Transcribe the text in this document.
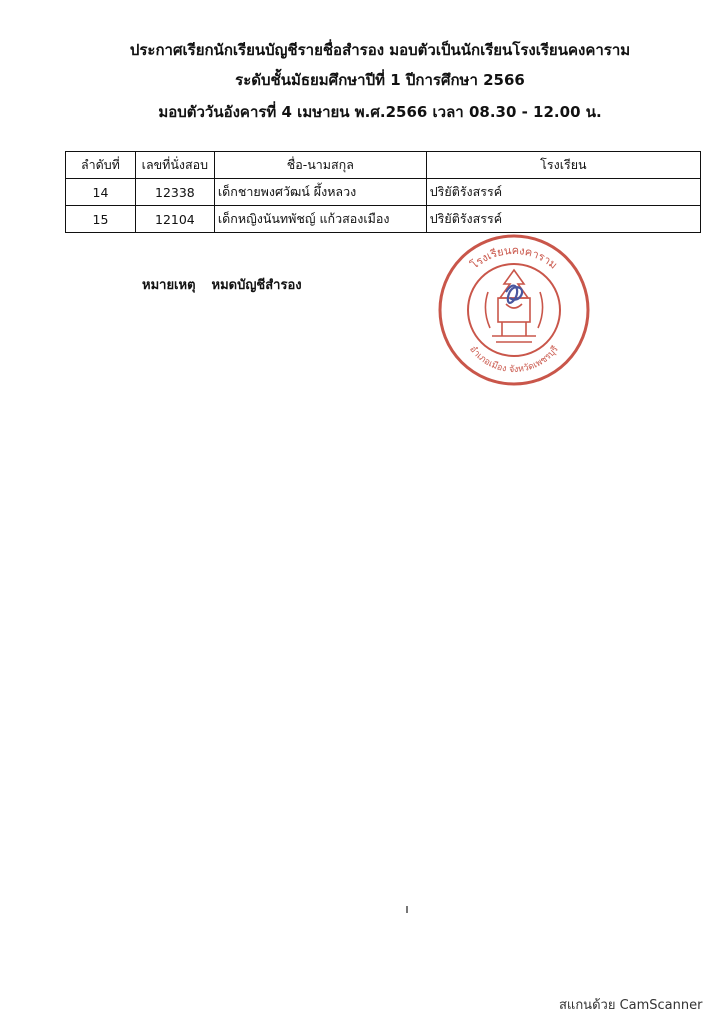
ประกาศเรียกนักเรียนบัญชีรายชื่อสำรอง มอบตัวเป็นนักเรียนโรงเรียนคงคาราม
ระดับชั้นมัธยมศึกษาปีที่ 1 ปีการศึกษา 2566
มอบตัววันอังคารที่ 4 เมษายน พ.ศ.2566 เวลา 08.30 - 12.00 น.
ลำดับที่	เลขที่นั่งสอบ	ชื่อ-นามสกุล	โรงเรียน
14	12338	เด็กชายพงศวัฒน์ ผึ้งหลวง	ปริยัติรังสรรค์
15	12104	เด็กหญิงนันทพัชญ์ แก้วสองเมือง	ปริยัติรังสรรค์
หมายเหตุ หมดบัญชีสำรอง
โรงเรียนคงคาราม
อำเภอเมือง จังหวัดเพชรบุรี
สแกนด้วย CamScanner
